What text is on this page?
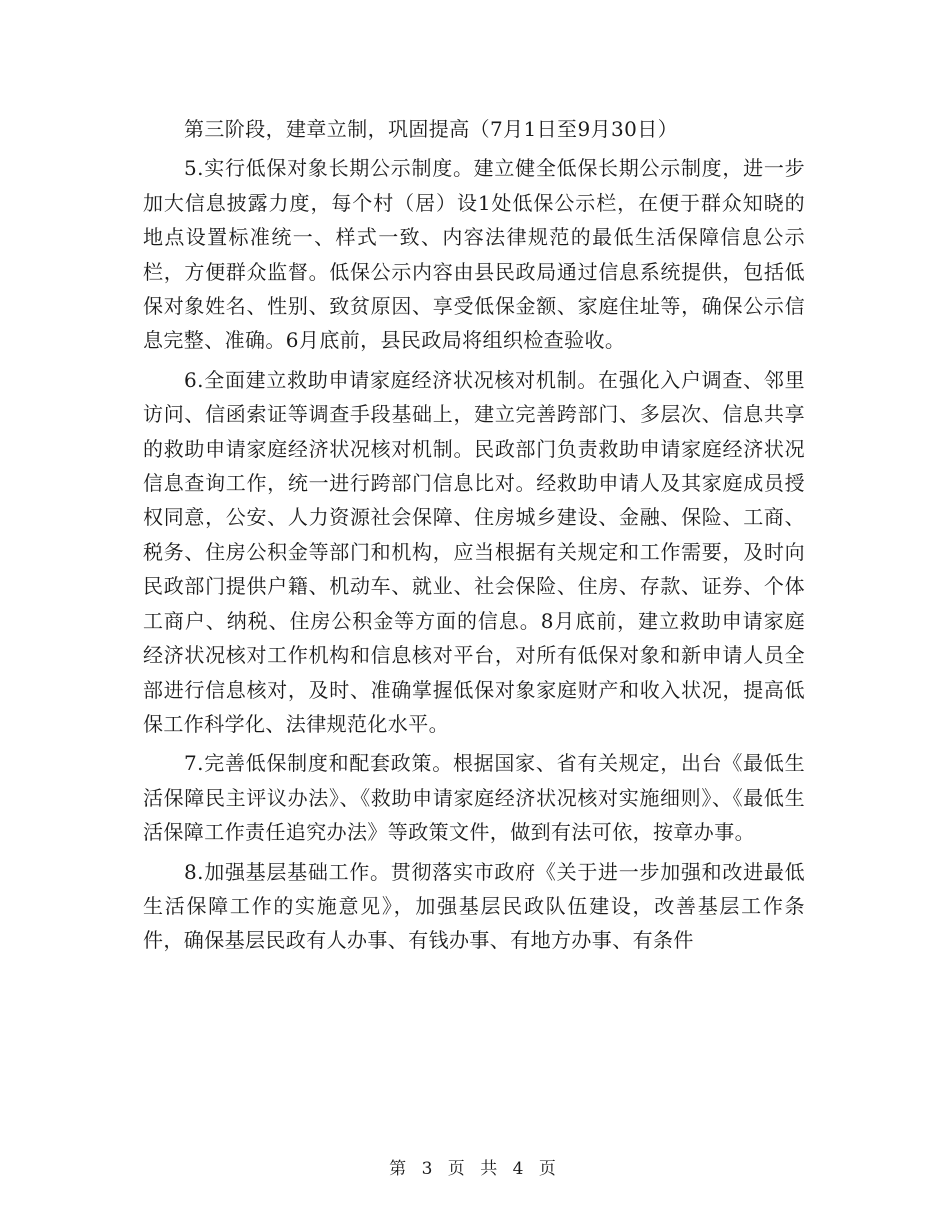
第三阶段，建章立制，巩固提高（7月1日至9月30日）

5.实行低保对象长期公示制度。建立健全低保长期公示制度，进一步加大信息披露力度，每个村（居）设1处低保公示栏，在便于群众知晓的地点设置标准统一、样式一致、内容法律规范的最低生活保障信息公示栏，方便群众监督。低保公示内容由县民政局通过信息系统提供，包括低保对象姓名、性别、致贫原因、享受低保金额、家庭住址等，确保公示信息完整、准确。6月底前，县民政局将组织检查验收。

6.全面建立救助申请家庭经济状况核对机制。在强化入户调查、邻里访问、信函索证等调查手段基础上，建立完善跨部门、多层次、信息共享的救助申请家庭经济状况核对机制。民政部门负责救助申请家庭经济状况信息查询工作，统一进行跨部门信息比对。经救助申请人及其家庭成员授权同意，公安、人力资源社会保障、住房城乡建设、金融、保险、工商、税务、住房公积金等部门和机构，应当根据有关规定和工作需要，及时向民政部门提供户籍、机动车、就业、社会保险、住房、存款、证券、个体工商户、纳税、住房公积金等方面的信息。8月底前，建立救助申请家庭经济状况核对工作机构和信息核对平台，对所有低保对象和新申请人员全部进行信息核对，及时、准确掌握低保对象家庭财产和收入状况，提高低保工作科学化、法律规范化水平。

7.完善低保制度和配套政策。根据国家、省有关规定，出台《最低生活保障民主评议办法》、《救助申请家庭经济状况核对实施细则》、《最低生活保障工作责任追究办法》等政策文件，做到有法可依，按章办事。

8.加强基层基础工作。贯彻落实市政府《关于进一步加强和改进最低生活保障工作的实施意见》，加强基层民政队伍建设，改善基层工作条件，确保基层民政有人办事、有钱办事、有地方办事、有条件

第 3 页 共 4 页
